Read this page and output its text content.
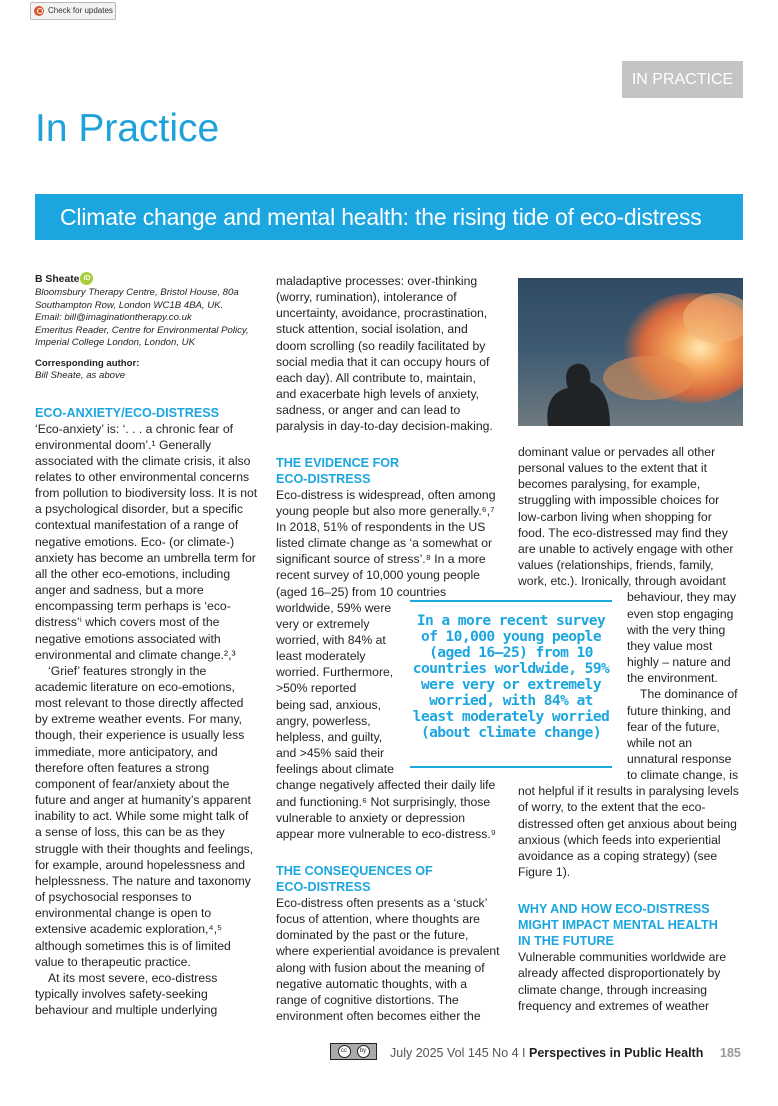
Check for updates
IN PRACTICE
In Practice
Climate change and mental health: the rising tide of eco-distress
B Sheate iD
Bloomsbury Therapy Centre, Bristol House, 80a
Southampton Row, London WC1B 4BA, UK.
Email: bill@imaginationtherapy.co.uk
Emeritus Reader, Centre for Environmental Policy,
Imperial College London, London, UK
Corresponding author:
Bill Sheate, as above
ECO-ANXIETY/ECO-DISTRESS
‘Eco-anxiety’ is: ‘. . . a chronic fear of
environmental doom’.¹ Generally
associated with the climate crisis, it also
relates to other environmental concerns
from pollution to biodiversity loss. It is not
a psychological disorder, but a specific
contextual manifestation of a range of
negative emotions. Eco- (or climate-)
anxiety has become an umbrella term for
all the other eco-emotions, including
anger and sadness, but a more
encompassing term perhaps is ‘eco-
distress’ⁱ which covers most of the
negative emotions associated with
environmental and climate change.²,³
‘Grief’ features strongly in the
academic literature on eco-emotions,
most relevant to those directly affected
by extreme weather events. For many,
though, their experience is usually less
immediate, more anticipatory, and
therefore often features a strong
component of fear/anxiety about the
future and anger at humanity’s apparent
inability to act. While some might talk of
a sense of loss, this can be as they
struggle with their thoughts and feelings,
for example, around hopelessness and
helplessness. The nature and taxonomy
of psychosocial responses to
environmental change is open to
extensive academic exploration,⁴,⁵
although sometimes this is of limited
value to therapeutic practice.
At its most severe, eco-distress
typically involves safety-seeking
behaviour and multiple underlying
maladaptive processes: over-thinking
(worry, rumination), intolerance of
uncertainty, avoidance, procrastination,
stuck attention, social isolation, and
doom scrolling (so readily facilitated by
social media that it can occupy hours of
each day). All contribute to, maintain,
and exacerbate high levels of anxiety,
sadness, or anger and can lead to
paralysis in day-to-day decision-making.
THE EVIDENCE FOR
ECO-DISTRESS
Eco-distress is widespread, often among
young people but also more generally.⁶,⁷
In 2018, 51% of respondents in the US
listed climate change as ‘a somewhat or
significant source of stress’.⁸ In a more
recent survey of 10,000 young people
(aged 16–25) from 10 countries
worldwide, 59% were
very or extremely
worried, with 84% at
least moderately
worried. Furthermore,
>50% reported
being sad, anxious,
angry, powerless,
helpless, and guilty,
and >45% said their
feelings about climate
change negatively affected their daily life
and functioning.⁶ Not surprisingly, those
vulnerable to anxiety or depression
appear more vulnerable to eco-distress.⁹
THE CONSEQUENCES OF
ECO-DISTRESS
Eco-distress often presents as a ‘stuck’
focus of attention, where thoughts are
dominated by the past or the future,
where experiential avoidance is prevalent
along with fusion about the meaning of
negative automatic thoughts, with a
range of cognitive distortions. The
environment often becomes either the
In a more recent survey of 10,000 young people (aged 16–25) from 10 countries worldwide, 59% were very or extremely worried, with 84% at least moderately worried (about climate change)
dominant value or pervades all other
personal values to the extent that it
becomes paralysing, for example,
struggling with impossible choices for
low-carbon living when shopping for
food. The eco-distressed may find they
are unable to actively engage with other
values (relationships, friends, family,
work, etc.). Ironically, through avoidant
behaviour, they may
even stop engaging
with the very thing
they value most
highly – nature and
the environment.
The dominance of
future thinking, and
fear of the future,
while not an
unnatural response
to climate change, is
not helpful if it results in paralysing levels
of worry, to the extent that the eco-
distressed often get anxious about being
anxious (which feeds into experiential
avoidance as a coping strategy) (see
Figure 1).
WHY AND HOW ECO-DISTRESS
MIGHT IMPACT MENTAL HEALTH
IN THE FUTURE
Vulnerable communities worldwide are
already affected disproportionately by
climate change, through increasing
frequency and extremes of weather
cc	by July 2025 Vol 145 No 4 I Perspectives in Public Health 185
